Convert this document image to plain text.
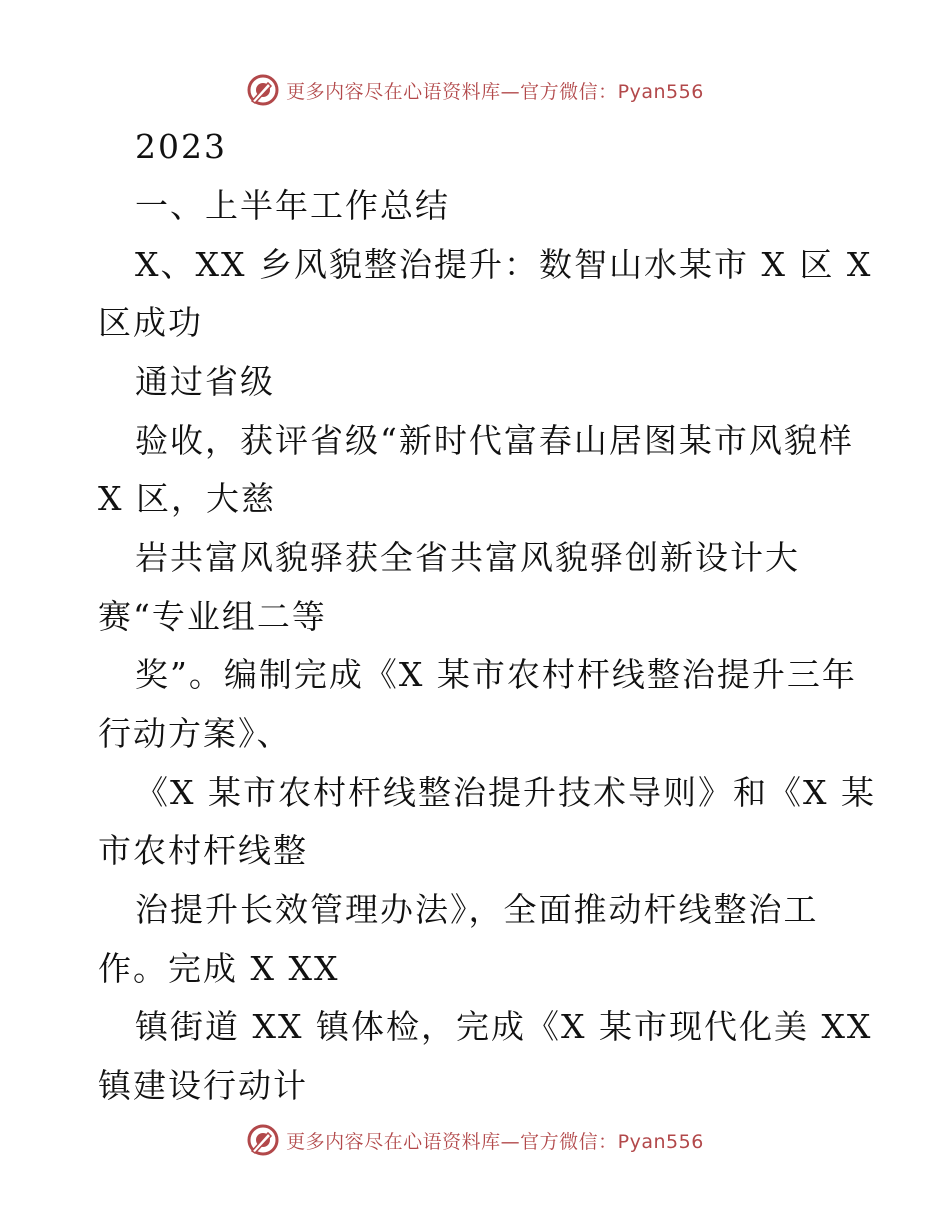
更多内容尽在心语资料库—官方微信：Pyan556
2023
一、上半年工作总结
X、XX 乡风貌整治提升：数智山水某市 X 区 X
区成功
通过省级
验收，获评省级“新时代富春山居图某市风貌样
X 区，大慈
岩共富风貌驿获全省共富风貌驿创新设计大
赛“专业组二等
奖”。编制完成《X 某市农村杆线整治提升三年
行动方案》、
《X 某市农村杆线整治提升技术导则》和《X 某
市农村杆线整
治提升长效管理办法》，全面推动杆线整治工
作。完成 X XX
镇街道 XX 镇体检，完成《X 某市现代化美 XX
镇建设行动计
更多内容尽在心语资料库—官方微信：Pyan556
